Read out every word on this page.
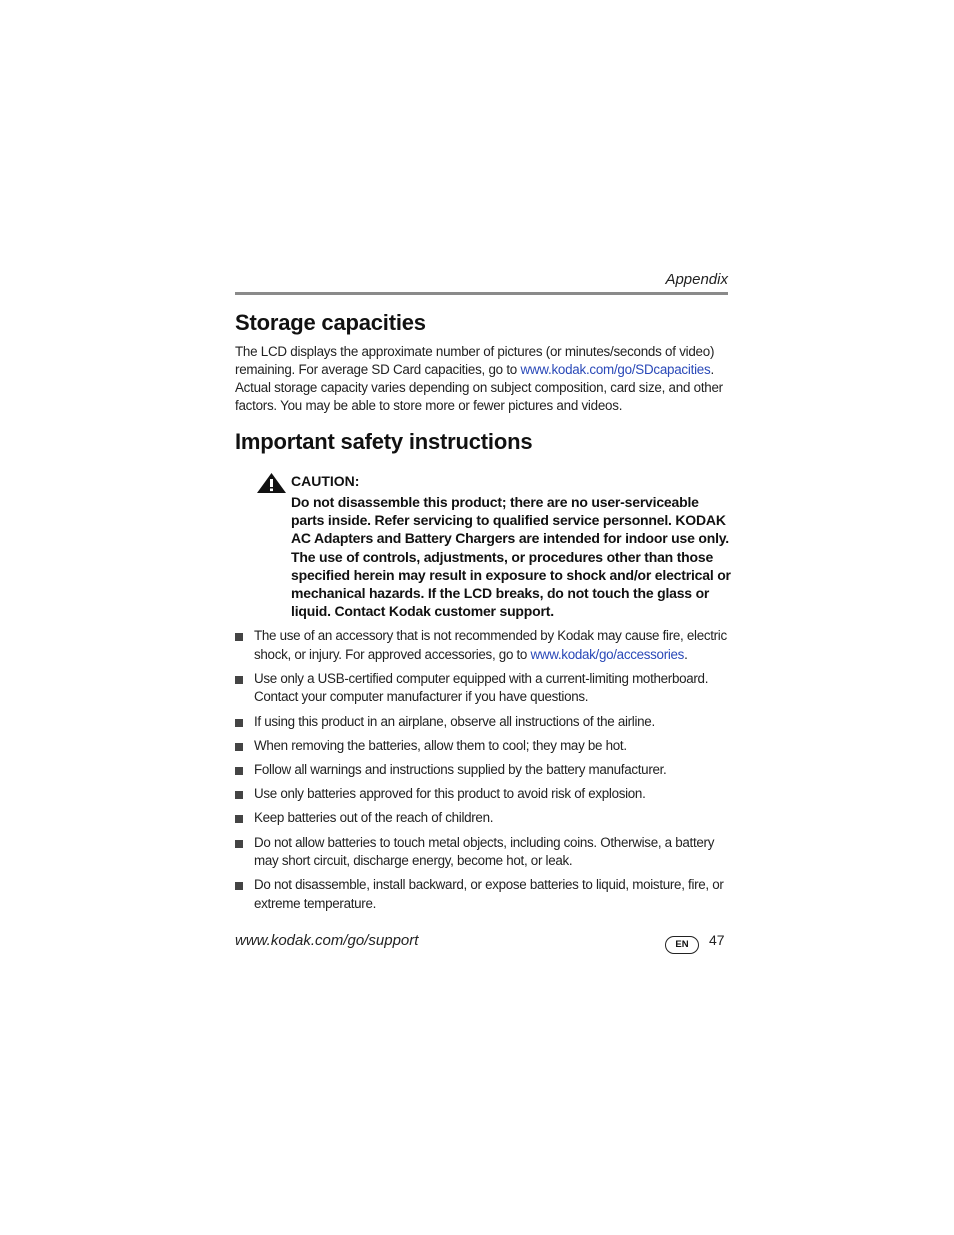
Appendix
Storage capacities
The LCD displays the approximate number of pictures (or minutes/seconds of video) remaining. For average SD Card capacities, go to www.kodak.com/go/SDcapacities. Actual storage capacity varies depending on subject composition, card size, and other factors. You may be able to store more or fewer pictures and videos.
Important safety instructions
CAUTION:
Do not disassemble this product; there are no user-serviceable parts inside. Refer servicing to qualified service personnel. KODAK AC Adapters and Battery Chargers are intended for indoor use only. The use of controls, adjustments, or procedures other than those specified herein may result in exposure to shock and/or electrical or mechanical hazards. If the LCD breaks, do not touch the glass or liquid. Contact Kodak customer support.
The use of an accessory that is not recommended by Kodak may cause fire, electric shock, or injury. For approved accessories, go to www.kodak/go/accessories.
Use only a USB-certified computer equipped with a current-limiting motherboard. Contact your computer manufacturer if you have questions.
If using this product in an airplane, observe all instructions of the airline.
When removing the batteries, allow them to cool; they may be hot.
Follow all warnings and instructions supplied by the battery manufacturer.
Use only batteries approved for this product to avoid risk of explosion.
Keep batteries out of the reach of children.
Do not allow batteries to touch metal objects, including coins. Otherwise, a battery may short circuit, discharge energy, become hot, or leak.
Do not disassemble, install backward, or expose batteries to liquid, moisture, fire, or extreme temperature.
www.kodak.com/go/support	EN	47
